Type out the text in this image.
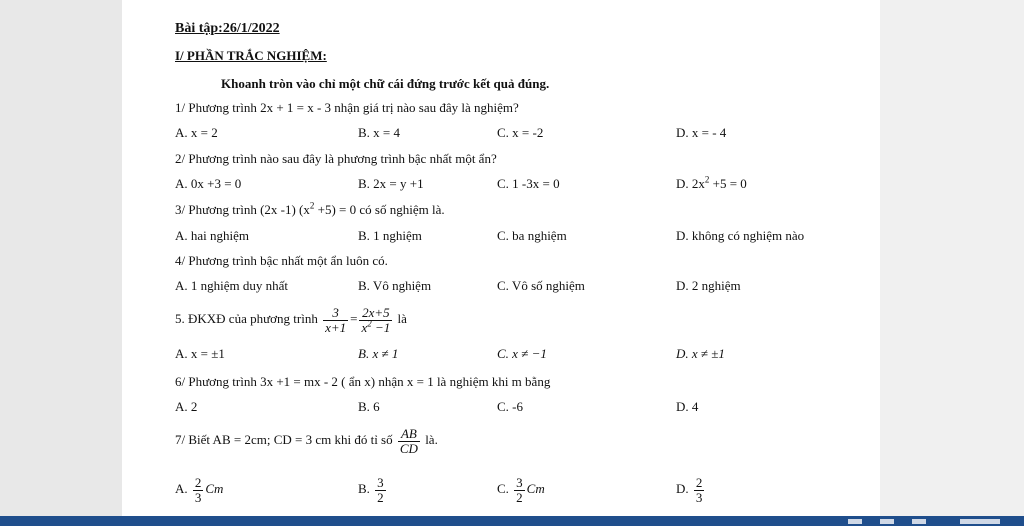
Bài tập:26/1/2022
I/ PHẦN TRẮC NGHIỆM:
Khoanh tròn vào chỉ một chữ cái đứng trước kết quả đúng.
1/ Phương trình 2x + 1 = x - 3 nhận giá trị nào sau đây là nghiệm?
A. x = 2	B. x = 4	C. x = -2	D. x = - 4
2/ Phương trình nào sau đây là phương trình bậc nhất một ẩn?
A. 0x +3 = 0	B. 2x = y +1	C. 1 -3x = 0	D. $2x^2 +5 = 0$
3/ Phương trình (2x -1) $(x^2 +5) = 0$ có số nghiệm là.
A. hai nghiệm	B. 1 nghiệm	C. ba nghiệm	D. không có nghiệm nào
4/ Phương trình bậc nhất một ẩn luôn có.
A. 1 nghiệm duy nhất	B. Vô nghiệm	C. Vô số nghiệm	D. 2 nghiệm
5. ĐKXĐ của phương trình $\frac{3}{x+1} = \frac{2x+5}{x^2 -1}$ là
A. x = ±1	B. x ≠ 1	C. x ≠ −1	D. x ≠ ±1
6/ Phương trình 3x +1 = mx - 2 ( ẩn x) nhận x = 1 là nghiệm khi m bằng
A. 2	B. 6	C. -6	D. 4
7/ Biết AB = 2cm; CD = 3 cm khi đó tỉ số $\frac{AB}{CD}$ là.
A. $\frac{2}{3}$ Cm	B. $\frac{3}{2}$	C. $\frac{3}{2}$ Cm	D. $\frac{2}{3}$
